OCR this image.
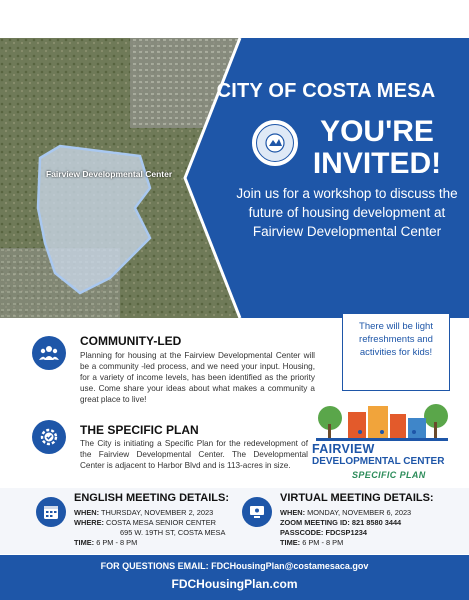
Fairview Developmental Center
CITY OF COSTA MESA
YOU'RE INVITED!
Join us for a workshop to discuss the future of housing development at Fairview Developmental Center
COMMUNITY-LED
Planning for housing at the Fairview Developmental Center will be a community -led process, and we need your input. Housing, for a variety of income levels, has been identified as the priority use. Come share your ideas about what makes a community a great place to live!
THE SPECIFIC PLAN
The City is initiating a Specific Plan for the redevelopment of the Fairview Developmental Center. The Developmental Center is adjacent to Harbor Blvd and is 113-acres in size.
There will be light refreshments and activities for kids!
FAIRVIEW
DEVELOPMENTAL CENTER
SPECIFIC PLAN
ENGLISH MEETING DETAILS:
WHEN: THURSDAY, NOVEMBER 2, 2023
WHERE: COSTA MESA SENIOR CENTER
695 W. 19TH ST, COSTA MESA
TIME: 6 PM - 8 PM
VIRTUAL MEETING DETAILS:
WHEN: MONDAY, NOVEMBER 6, 2023
ZOOM MEETING ID: 821 8580 3444
PASSCODE: FDCSP1234
TIME: 6 PM - 8 PM
FOR QUESTIONS EMAIL: FDCHousingPlan@costamesaca.gov
FDCHousingPlan.com
